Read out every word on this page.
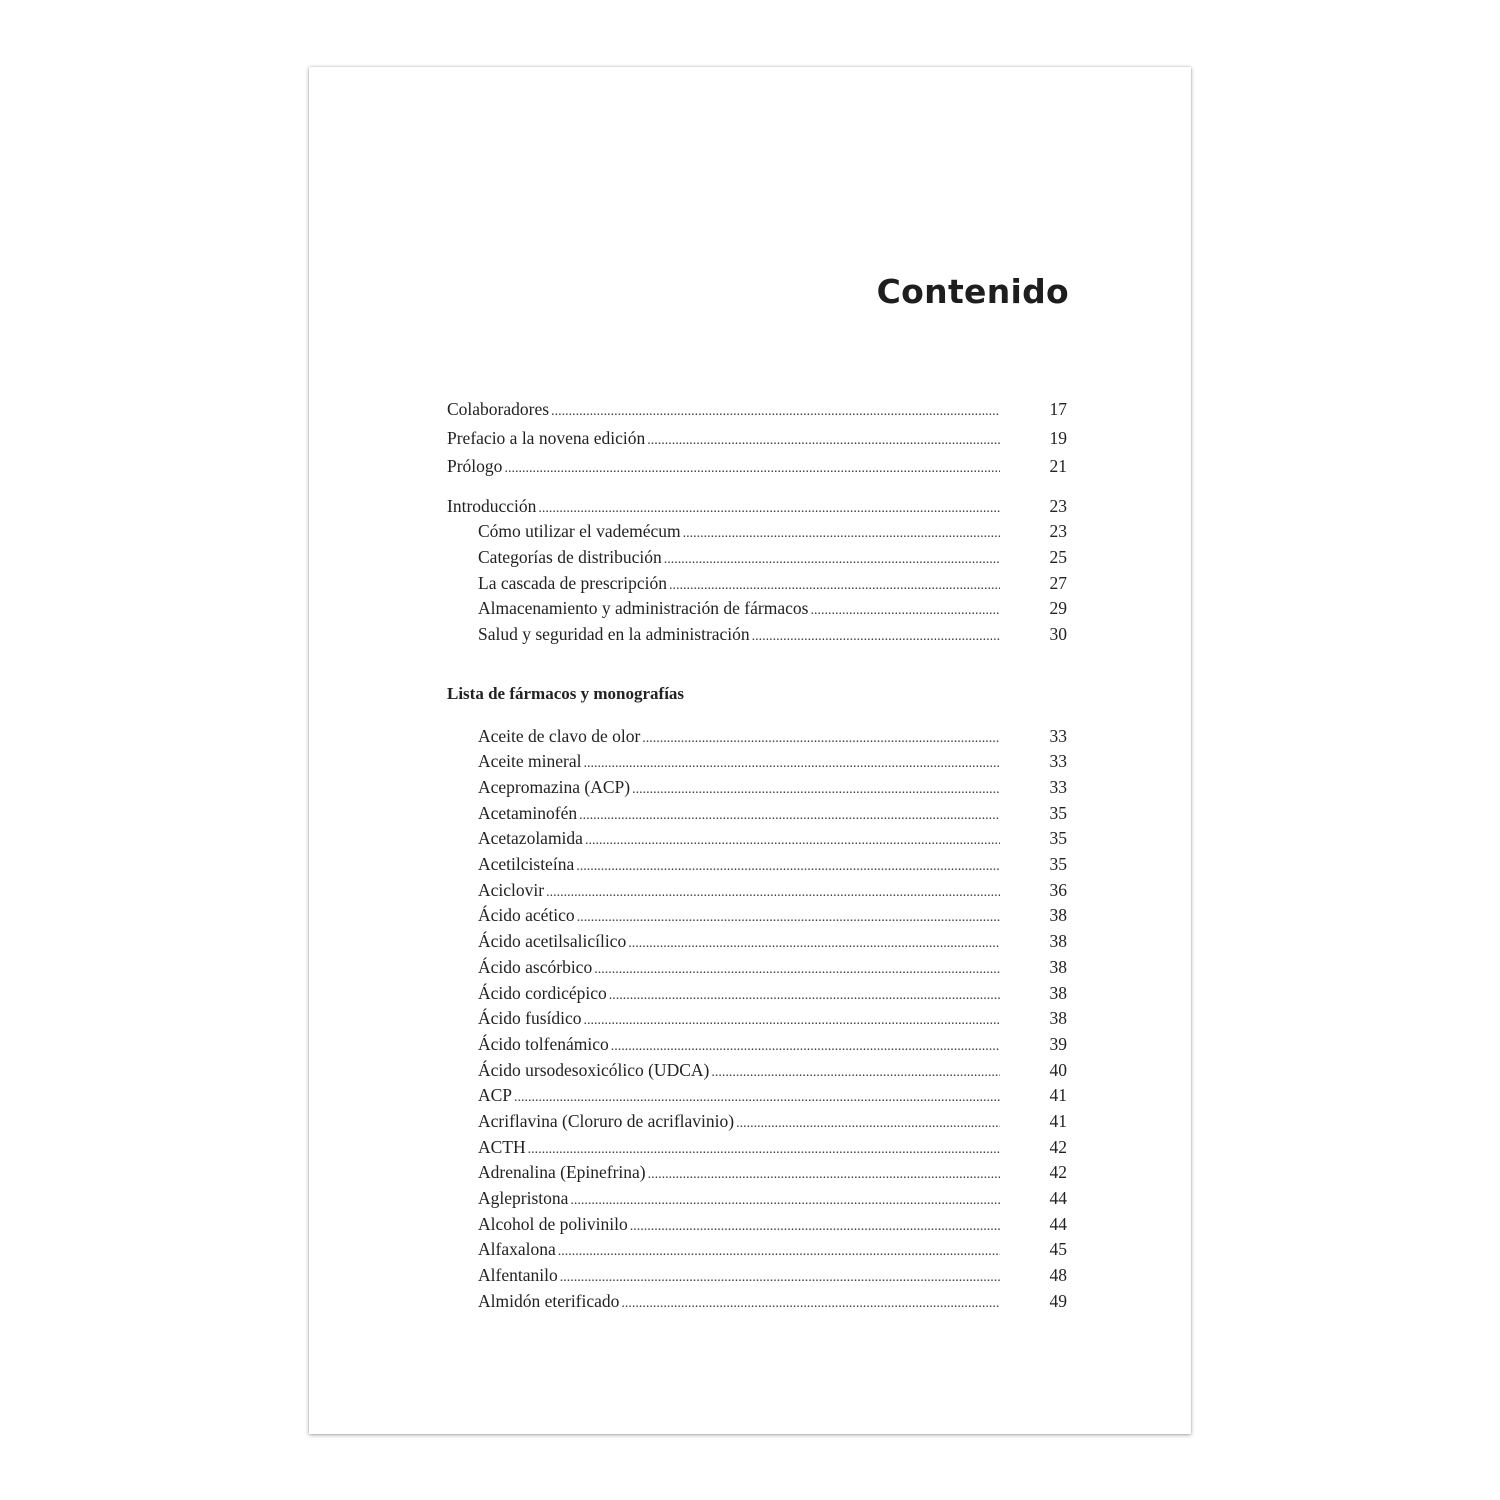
Contenido
Colaboradores .....	17
Prefacio a la novena edición .....	19
Prólogo .....	21
Introducción .....	23
Cómo utilizar el vademécum .....	23
Categorías de distribución .....	25
La cascada de prescripción .....	27
Almacenamiento y administración de fármacos .....	29
Salud y seguridad en la administración .....	30
Lista de fármacos y monografías
Aceite de clavo de olor .....	33
Aceite mineral .....	33
Acepromazina (ACP) .....	33
Acetaminofén .....	35
Acetazolamida .....	35
Acetilcisteína .....	35
Aciclovir .....	36
Ácido acético .....	38
Ácido acetilsalicílico .....	38
Ácido ascórbico .....	38
Ácido cordicépico .....	38
Ácido fusídico .....	38
Ácido tolfenámico .....	39
Ácido ursodesoxicólico (UDCA) .....	40
ACP .....	41
Acriflavina (Cloruro de acriflavinio) .....	41
ACTH .....	42
Adrenalina (Epinefrina) .....	42
Aglepristona .....	44
Alcohol de polivinilo .....	44
Alfaxalona .....	45
Alfentanilo .....	48
Almidón eterificado .....	49
